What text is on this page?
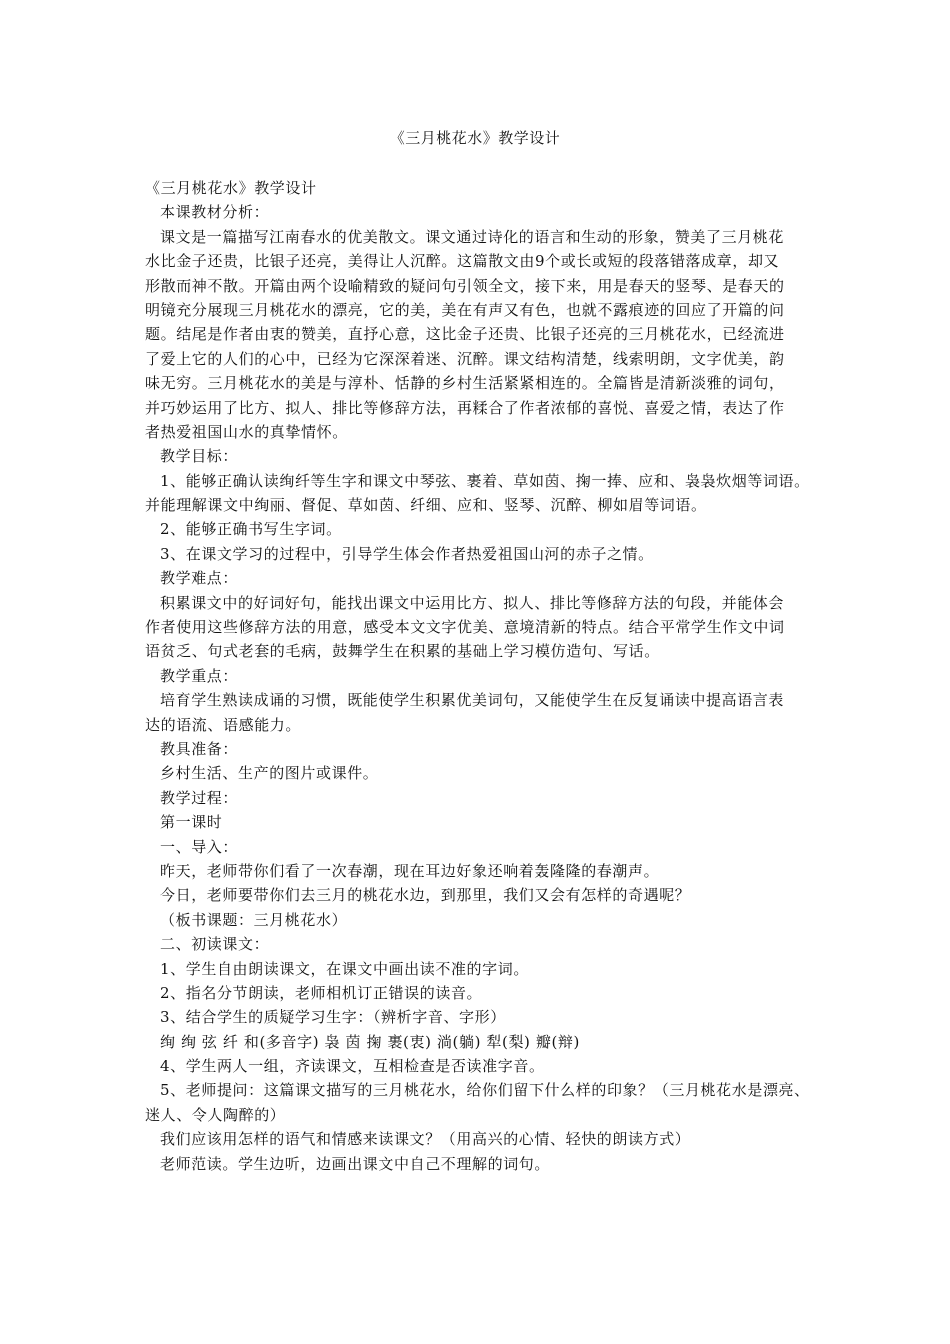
《三月桃花水》教学设计
《三月桃花水》教学设计
本课教材分析：
课文是一篇描写江南春水的优美散文。课文通过诗化的语言和生动的形象，赞美了三月桃花
水比金子还贵，比银子还亮，美得让人沉醉。这篇散文由9个或长或短的段落错落成章，却又
形散而神不散。开篇由两个设喻精致的疑问句引领全文，接下来，用是春天的竖琴、是春天的
明镜充分展现三月桃花水的漂亮，它的美，美在有声又有色，也就不露痕迹的回应了开篇的问
题。结尾是作者由衷的赞美，直抒心意，这比金子还贵、比银子还亮的三月桃花水，已经流进
了爱上它的人们的心中，已经为它深深着迷、沉醉。课文结构清楚，线索明朗，文字优美，韵
味无穷。三月桃花水的美是与淳朴、恬静的乡村生活紧紧相连的。全篇皆是清新淡雅的词句，
并巧妙运用了比方、拟人、排比等修辞方法，再糅合了作者浓郁的喜悦、喜爱之情，表达了作
者热爱祖国山水的真挚情怀。
教学目标：
1、能够正确认读绚纤等生字和课文中琴弦、裹着、草如茵、掬一捧、应和、袅袅炊烟等词语。
并能理解课文中绚丽、督促、草如茵、纤细、应和、竖琴、沉醉、柳如眉等词语。
2、能够正确书写生字词。
3、在课文学习的过程中，引导学生体会作者热爱祖国山河的赤子之情。
教学难点：
积累课文中的好词好句，能找出课文中运用比方、拟人、排比等修辞方法的句段，并能体会
作者使用这些修辞方法的用意，感受本文文字优美、意境清新的特点。结合平常学生作文中词
语贫乏、句式老套的毛病，鼓舞学生在积累的基础上学习模仿造句、写话。
教学重点：
培育学生熟读成诵的习惯，既能使学生积累优美词句，又能使学生在反复诵读中提高语言表
达的语流、语感能力。
教具准备：
乡村生活、生产的图片或课件。
教学过程：
第一课时
一、导入：
昨天，老师带你们看了一次春潮，现在耳边好象还响着轰隆隆的春潮声。
今日，老师要带你们去三月的桃花水边，到那里，我们又会有怎样的奇遇呢？
（板书课题：三月桃花水）
二、初读课文：
1、学生自由朗读课文，在课文中画出读不准的字词。
2、指名分节朗读，老师相机订正错误的读音。
3、结合学生的质疑学习生字：（辨析字音、字形）
绚 绚 弦 纤 和(多音字) 袅 茵 掬 裹(衷) 淌(躺) 犁(梨) 瓣(辩)
4、学生两人一组，齐读课文，互相检查是否读准字音。
5、老师提问：这篇课文描写的三月桃花水，给你们留下什么样的印象？（三月桃花水是漂亮、
迷人、令人陶醉的）
我们应该用怎样的语气和情感来读课文？（用高兴的心情、轻快的朗读方式）
老师范读。学生边听，边画出课文中自己不理解的词句。
